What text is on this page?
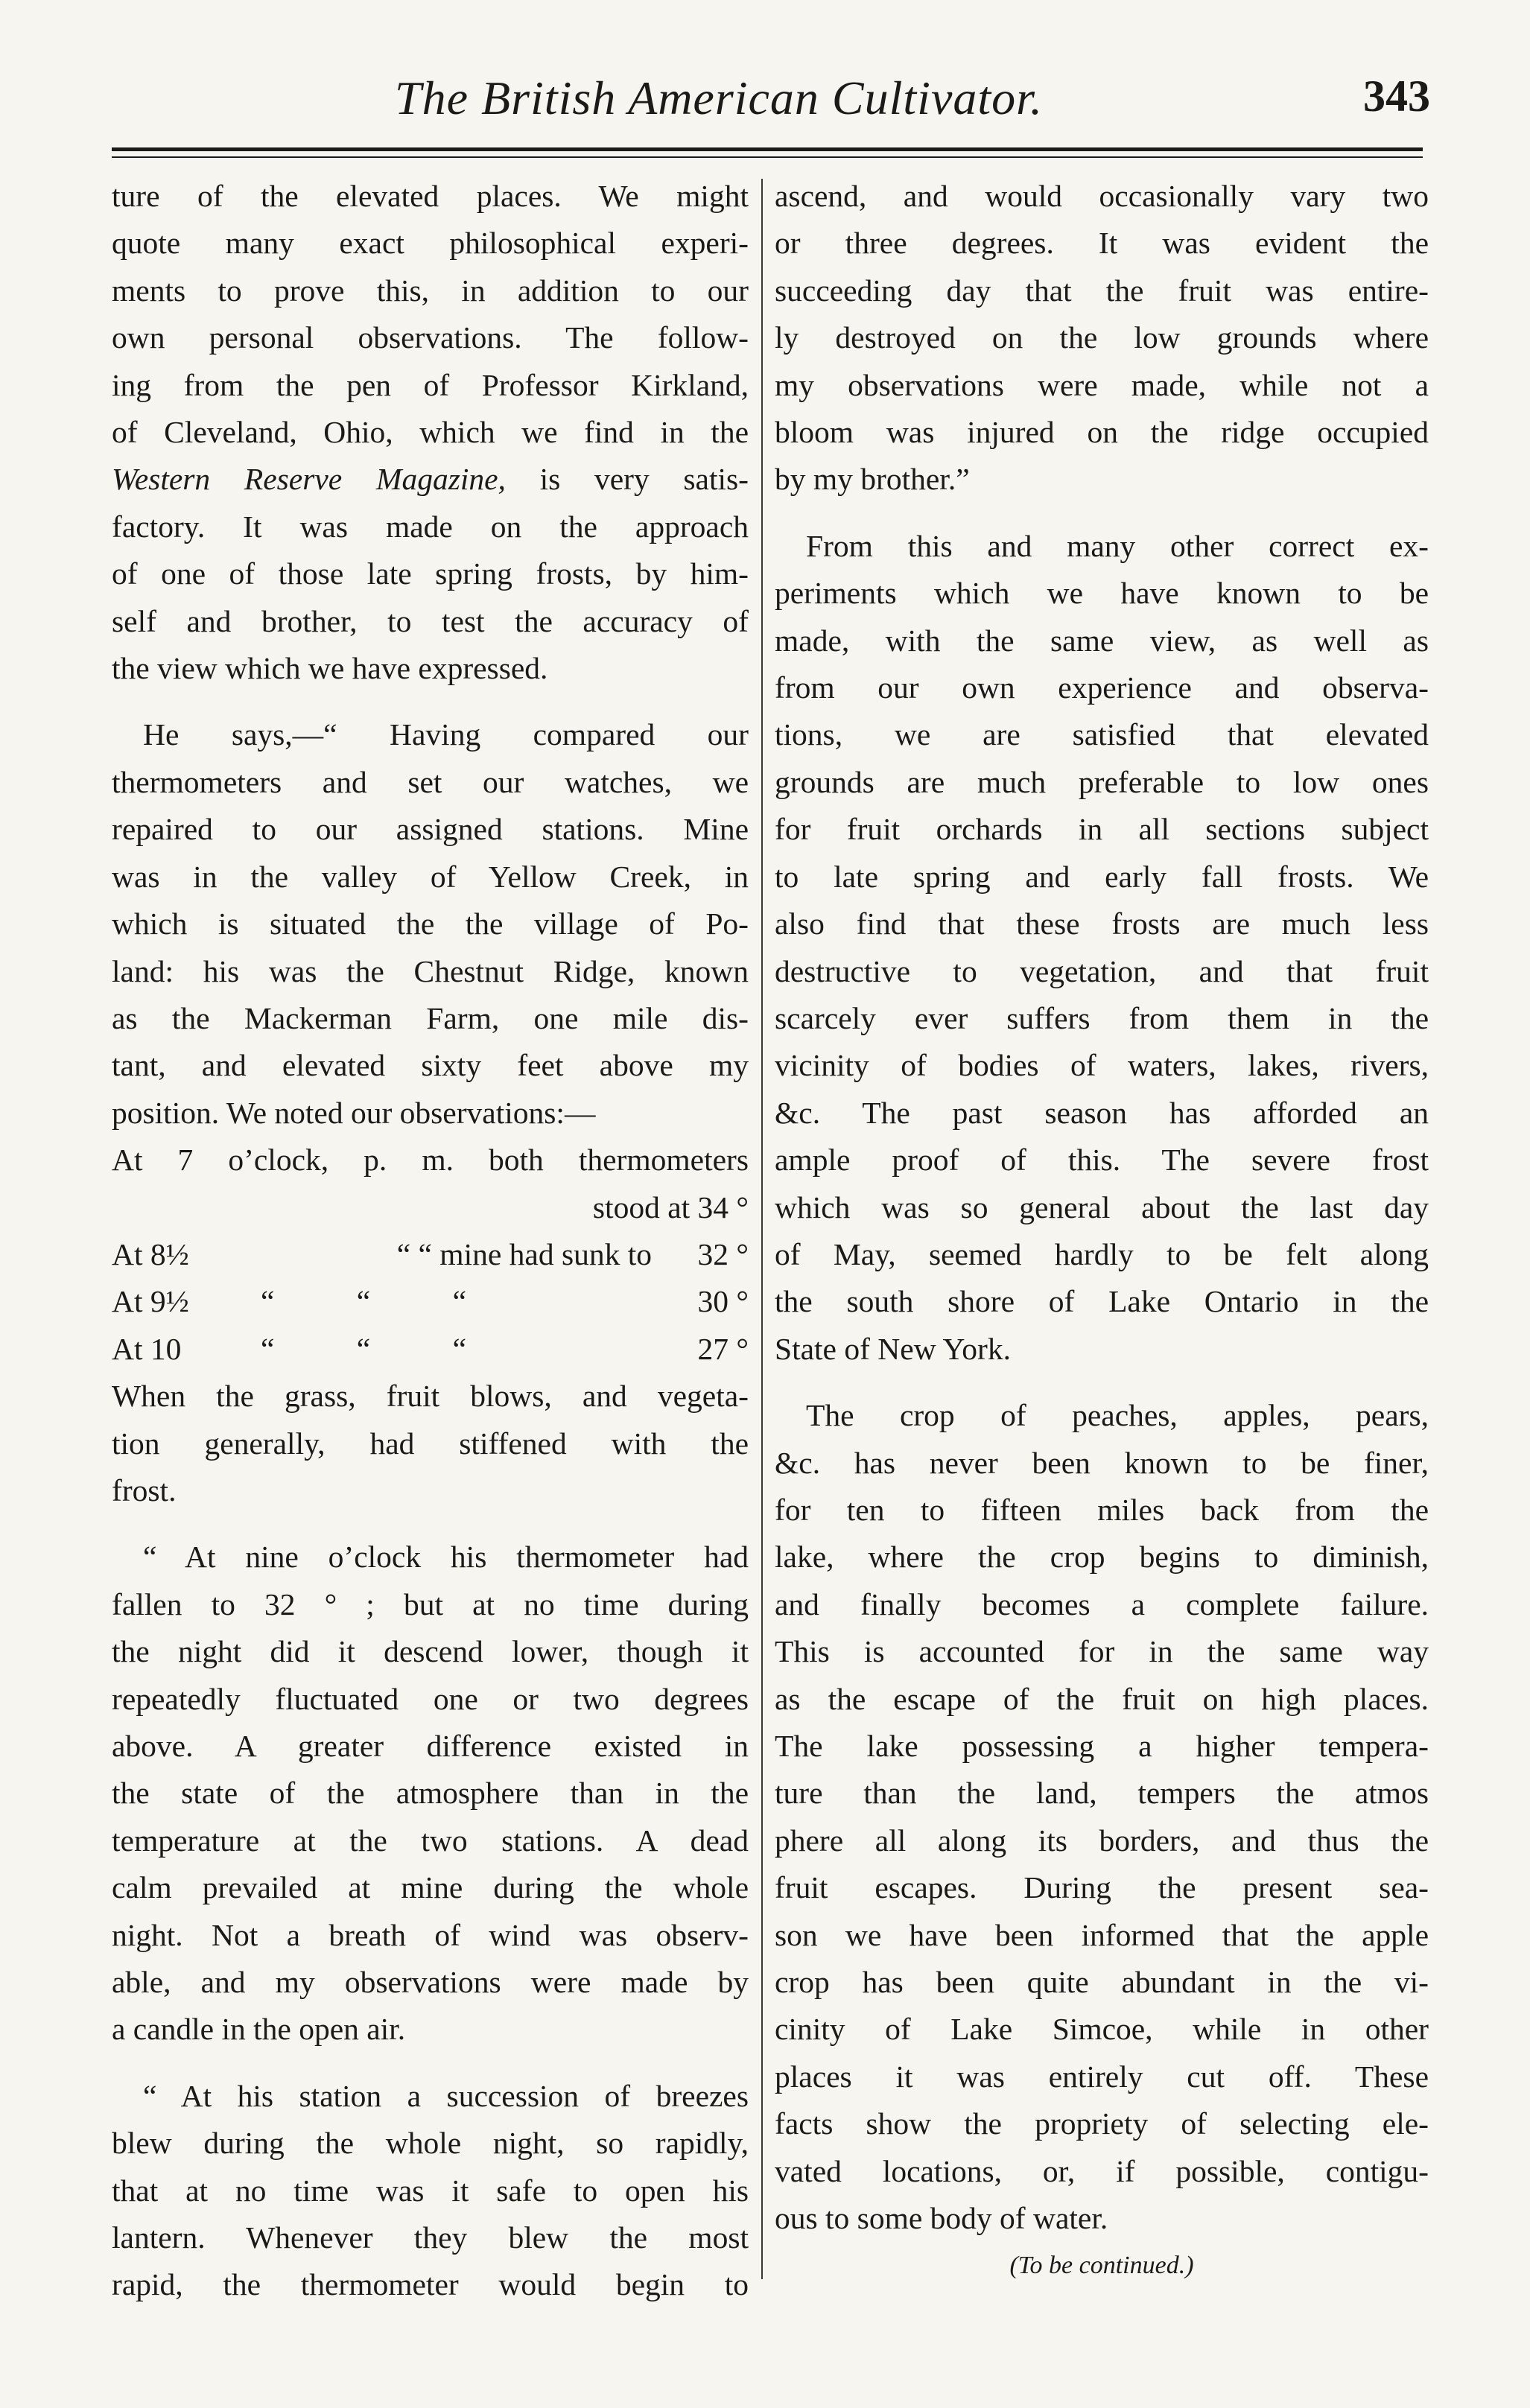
The British American Cultivator.	343

ture of the elevated places. We might

quote many exact philosophical experi-

ments to prove this, in addition to our

own personal observations. The follow-

ing from the pen of Professor Kirkland,

of Cleveland, Ohio, which we find in the

Western Reserve Magazine, is very satis-

factory. It was made on the approach

of one of those late spring frosts, by him-

self and brother, to test the accuracy of

the view which we have expressed.

He says,—“ Having compared our

thermometers and set our watches, we

repaired to our assigned stations. Mine

was in the valley of Yellow Creek, in

which is situated the the village of Po-

land: his was the Chestnut Ridge, known

as the Mackerman Farm, one mile dis-

tant, and elevated sixty feet above my

position. We noted our observations:—

At 7 o’clock, p. m. both thermometers

stood at 34 °

At 8½	“ “ mine had sunk to	32 °
At 9½	“ “ “	30 °
At 10	“ “ “	27 °

When the grass, fruit blows, and vegeta-

tion generally, had stiffened with the

frost.

“ At nine o’clock his thermometer had

fallen to 32 ° ; but at no time during

the night did it descend lower, though it

repeatedly fluctuated one or two degrees

above. A greater difference existed in

the state of the atmosphere than in the

temperature at the two stations. A dead

calm prevailed at mine during the whole

night. Not a breath of wind was observ-

able, and my observations were made by

a candle in the open air.

“ At his station a succession of breezes

blew during the whole night, so rapidly,

that at no time was it safe to open his

lantern. Whenever they blew the most

rapid, the thermometer would begin to

ascend, and would occasionally vary two

or three degrees. It was evident the

succeeding day that the fruit was entire-

ly destroyed on the low grounds where

my observations were made, while not a

bloom was injured on the ridge occupied

by my brother.”

From this and many other correct ex-

periments which we have known to be

made, with the same view, as well as

from our own experience and observa-

tions, we are satisfied that elevated

grounds are much preferable to low ones

for fruit orchards in all sections subject

to late spring and early fall frosts. We

also find that these frosts are much less

destructive to vegetation, and that fruit

scarcely ever suffers from them in the

vicinity of bodies of waters, lakes, rivers,

&c. The past season has afforded an

ample proof of this. The severe frost

which was so general about the last day

of May, seemed hardly to be felt along

the south shore of Lake Ontario in the

State of New York.

The crop of peaches, apples, pears,

&c. has never been known to be finer,

for ten to fifteen miles back from the

lake, where the crop begins to diminish,

and finally becomes a complete failure.

This is accounted for in the same way

as the escape of the fruit on high places.

The lake possessing a higher tempera-

ture than the land, tempers the atmos

phere all along its borders, and thus the

fruit escapes. During the present sea-

son we have been informed that the apple

crop has been quite abundant in the vi-

cinity of Lake Simcoe, while in other

places it was entirely cut off. These

facts show the propriety of selecting ele-

vated locations, or, if possible, contigu-

ous to some body of water.

(To be continued.)
